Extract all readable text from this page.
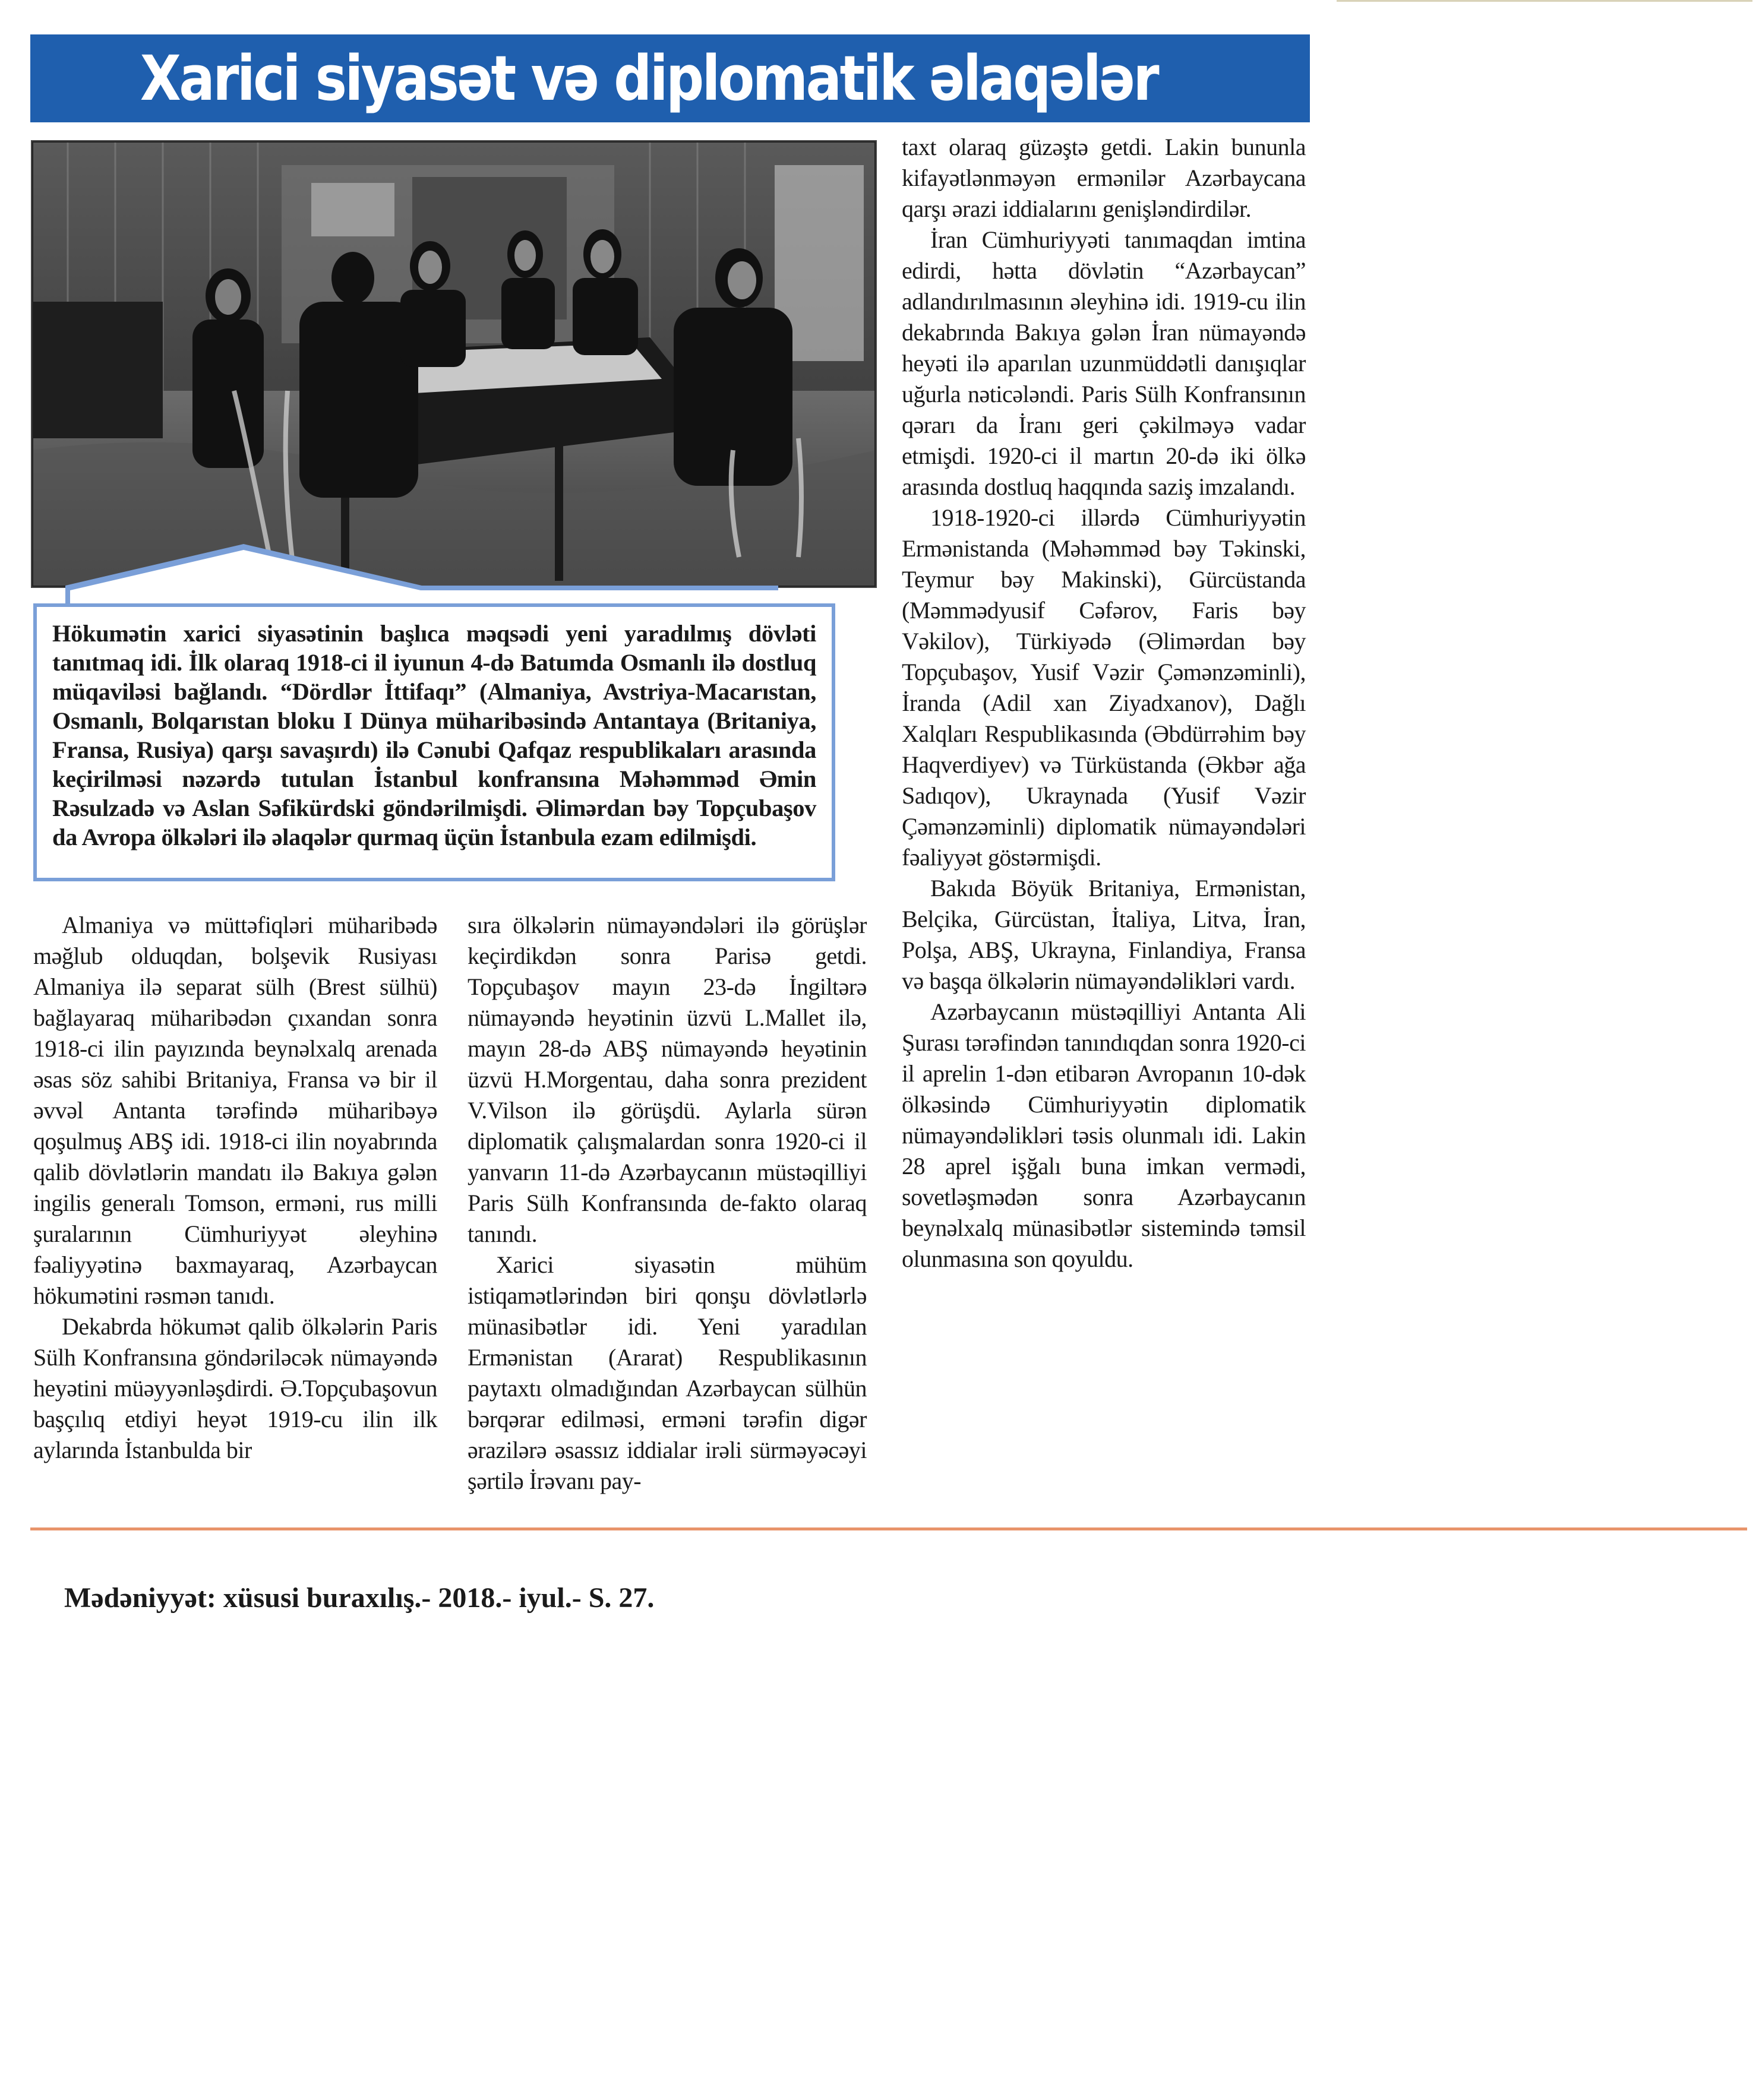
Xarici siyasət və diplomatik əlaqələr

Hökumətin xarici siyasətinin başlıca məqsədi yeni yaradılmış dövləti tanıtmaq idi. İlk olaraq 1918-ci il iyunun 4-də Batumda Osmanlı ilə dostluq müqaviləsi bağlandı. “Dördlər İttifaqı” (Almaniya, Avstriya-Macarıstan, Osmanlı, Bolqarıstan bloku I Dünya müharibəsində Antantaya (Britaniya, Fransa, Rusiya) qarşı savaşırdı) ilə Cənubi Qafqaz respublikaları arasında keçirilməsi nəzərdə tutulan İstanbul konfransına Məhəmməd Əmin Rəsulzadə və Aslan Səfikürdski göndərilmişdi. Əlimərdan bəy Topçubaşov da Avropa ölkələri ilə əlaqələr qurmaq üçün İstanbula ezam edilmişdi.

Almaniya və müttəfiqləri müharibədə məğlub olduqdan, bolşevik Rusiyası Almaniya ilə separat sülh (Brest sülhü) bağlayaraq müharibədən çıxandan sonra 1918-ci ilin payızında beynəlxalq arenada əsas söz sahibi Britaniya, Fransa və bir il əvvəl Antanta tərəfində müharibəyə qoşulmuş ABŞ idi. 1918-ci ilin noyabrında qalib dövlətlərin mandatı ilə Bakıya gələn ingilis generalı Tomson, erməni, rus milli şuralarının Cümhuriyyət əleyhinə fəaliyyətinə baxmayaraq, Azərbaycan hökumətini rəsmən tanıdı.

Dekabrda hökumət qalib ölkələrin Paris Sülh Konfransına göndəriləcək nümayəndə heyətini müəyyənləşdirdi. Ə.Topçubaşovun başçılıq etdiyi heyət 1919-cu ilin ilk aylarında İstanbulda bir

sıra ölkələrin nümayəndələri ilə görüşlər keçirdikdən sonra Parisə getdi. Topçubaşov mayın 23-də İngiltərə nümayəndə heyətinin üzvü L.Mallet ilə, mayın 28-də ABŞ nümayəndə heyətinin üzvü H.Morgentau, daha sonra prezident V.Vilson ilə görüşdü. Aylarla sürən diplomatik çalışmalardan sonra 1920-ci il yanvarın 11-də Azərbaycanın müstəqilliyi Paris Sülh Konfransında de-fakto olaraq tanındı.

Xarici siyasətin mühüm istiqamətlərindən biri qonşu dövlətlərlə münasibətlər idi. Yeni yaradılan Ermənistan (Ararat) Respublikasının paytaxtı olmadığından Azərbaycan sülhün bərqərar edilməsi, erməni tərəfin digər ərazilərə əsassız iddialar irəli sürməyəcəyi şərtilə İrəvanı pay-

taxt olaraq güzəştə getdi. Lakin bununla kifayətlənməyən ermənilər Azərbaycana qarşı ərazi iddialarını genişləndirdilər.

İran Cümhuriyyəti tanımaqdan imtina edirdi, hətta dövlətin “Azərbaycan” adlandırılmasının əleyhinə idi. 1919-cu ilin dekabrında Bakıya gələn İran nümayəndə heyəti ilə aparılan uzunmüddətli danışıqlar uğurla nəticələndi. Paris Sülh Konfransının qərarı da İranı geri çəkilməyə vadar etmişdi. 1920-ci il martın 20-də iki ölkə arasında dostluq haqqında saziş imzalandı.

1918-1920-ci illərdə Cümhuriyyətin Ermənistanda (Məhəmməd bəy Təkinski, Teymur bəy Makinski), Gürcüstanda (Məmmədyusif Cəfərov, Faris bəy Vəkilov), Türkiyədə (Əlimərdan bəy Topçubaşov, Yusif Vəzir Çəmənzəminli), İranda (Adil xan Ziyadxanov), Dağlı Xalqları Respublikasında (Əbdürrəhim bəy Haqverdiyev) və Türküstanda (Əkbər ağa Sadıqov), Ukraynada (Yusif Vəzir Çəmənzəminli) diplomatik nümayəndələri fəaliyyət göstərmişdi.

Bakıda Böyük Britaniya, Ermənistan, Belçika, Gürcüstan, İtaliya, Litva, İran, Polşa, ABŞ, Ukrayna, Finlandiya, Fransa və başqa ölkələrin nümayəndəlikləri vardı.

Azərbaycanın müstəqilliyi Antanta Ali Şurası tərəfindən tanındıqdan sonra 1920-ci il aprelin 1-dən etibarən Avropanın 10-dək ölkəsində Cümhuriyyətin diplomatik nümayəndəlikləri təsis olunmalı idi. Lakin 28 aprel işğalı buna imkan vermədi, sovetləşmədən sonra Azərbaycanın beynəlxalq münasibətlər sistemində təmsil olunmasına son qoyuldu.

Mədəniyyət: xüsusi buraxılış.- 2018.- iyul.- S. 27.
